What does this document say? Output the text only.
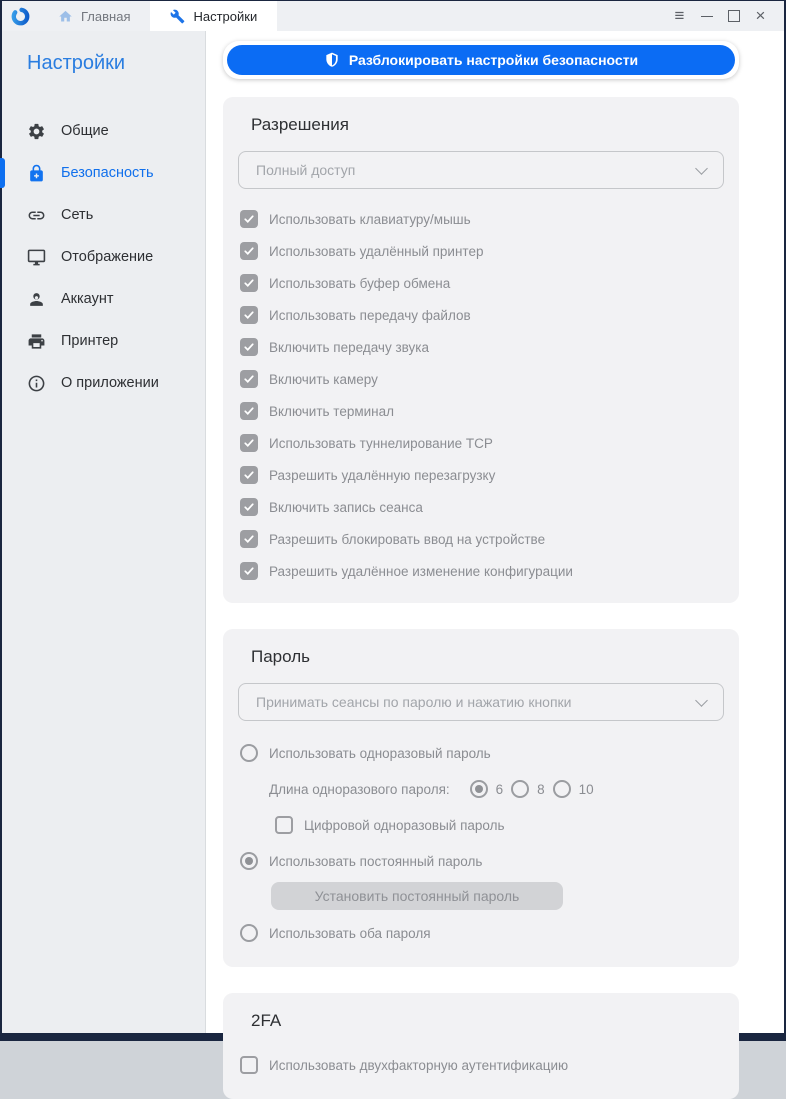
Главная	Настройки	≡	×
Настройки
Общие
Безопасность
Сеть
Отображение
Аккаунт
Принтер
О приложении
Разблокировать настройки безопасности
Разрешения
Полный доступ
Использовать клавиатуру/мышь
Использовать удалённый принтер
Использовать буфер обмена
Использовать передачу файлов
Включить передачу звука
Включить камеру
Включить терминал
Использовать туннелирование TCP
Разрешить удалённую перезагрузку
Включить запись сеанса
Разрешить блокировать ввод на устройстве
Разрешить удалённое изменение конфигурации
Пароль
Принимать сеансы по паролю и нажатию кнопки
Использовать одноразовый пароль
Длина одноразового пароля:	6	8	10
Цифровой одноразовый пароль
Использовать постоянный пароль
Установить постоянный пароль
Использовать оба пароля
2FA
Использовать двухфакторную аутентификацию
